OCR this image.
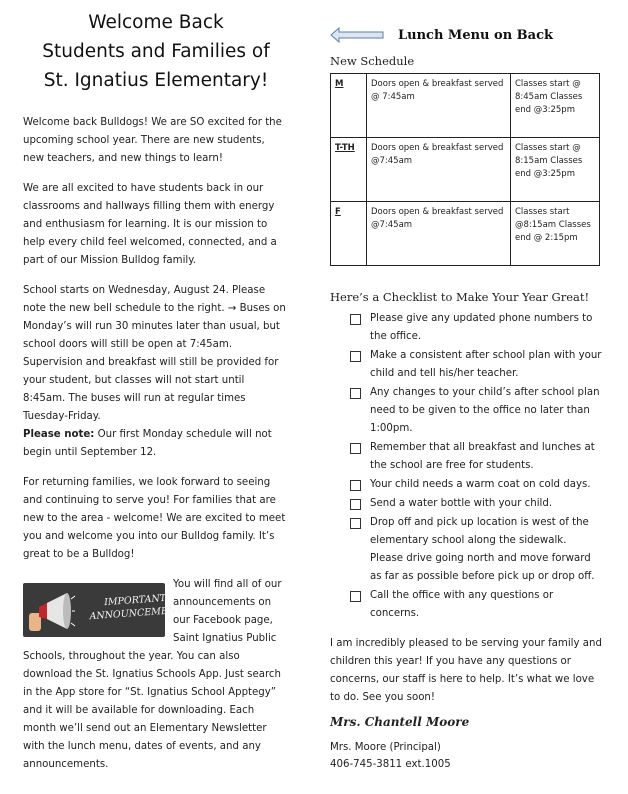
Welcome Back
Students and Families of
St. Ignatius Elementary!

Welcome back Bulldogs! We are SO excited for the upcoming school year. There are new students, new teachers, and new things to learn!

We are all excited to have students back in our classrooms and hallways filling them with energy and enthusiasm for learning. It is our mission to help every child feel welcomed, connected, and a part of our Mission Bulldog family.

School starts on Wednesday, August 24. Please note the new bell schedule to the right. → Buses on Monday’s will run 30 minutes later than usual, but school doors will still be open at 7:45am. Supervision and breakfast will still be provided for your student, but classes will not start until 8:45am. The buses will run at regular times Tuesday-Friday.
Please note: Our first Monday schedule will not begin until September 12.

For returning families, we look forward to seeing and continuing to serve you! For families that are new to the area - welcome! We are excited to meet you and welcome you into our Bulldog family. It’s great to be a Bulldog!

IMPORTANT
ANNOUNCEMENT

You will find all of our announcements on our Facebook page, Saint Ignatius Public Schools, throughout the year. You can also download the St. Ignatius Schools App. Just search in the App store for “St. Ignatius School Apptegy” and it will be available for downloading. Each month we’ll send out an Elementary Newsletter with the lunch menu, dates of events, and any announcements.

Lunch Menu on Back
New Schedule
M	Doors open & breakfast served @ 7:45am	Classes start @ 8:45am Classes end @3:25pm
T-TH	Doors open & breakfast served @7:45am	Classes start @ 8:15am Classes end @3:25pm
F	Doors open & breakfast served @7:45am	Classes start @8:15am Classes end @ 2:15pm
Here’s a Checklist to Make Your Year Great!
Please give any updated phone numbers to the office.
Make a consistent after school plan with your child and tell his/her teacher.
Any changes to your child’s after school plan need to be given to the office no later than 1:00pm.
Remember that all breakfast and lunches at the school are free for students.
Your child needs a warm coat on cold days.
Send a water bottle with your child.
Drop off and pick up location is west of the elementary school along the sidewalk. Please drive going north and move forward as far as possible before pick up or drop off.
Call the office with any questions or concerns.

I am incredibly pleased to be serving your family and children this year! If you have any questions or concerns, our staff is here to help. It’s what we love to do. See you soon!

Mrs. Chantell Moore
Mrs. Moore (Principal)
406-745-3811 ext.1005
